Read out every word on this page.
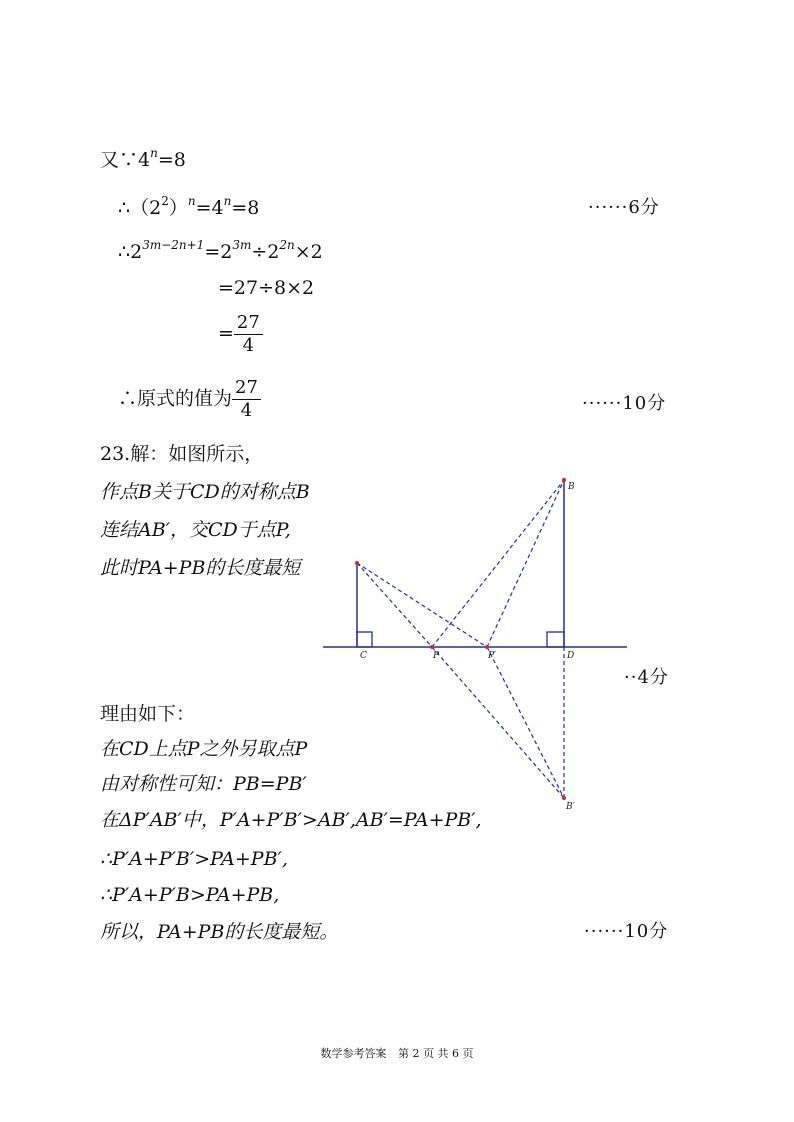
又$\because 4^n=8$
$\therefore(2^2)^n=4^n=8$	······6分
$\therefore 2^{3m-2n+1}=2^{3m}\div 2^{2n}\times 2$
=27÷8×2
= $\frac{27}{4}$
∴原式的值为 $\frac{27}{4}$	······10分
23.解：如图所示，
作点B关于CD的对称点B
连结AB′，交CD于点P,
此时PA+PB的长度最短
··4分
理由如下：
在CD上点P之外另取点P
由对称性可知：PB=PB′
在ΔP′AB′中，P′A+P′B′>AB′,AB′=PA+PB′,
∴P′A+P′B′>PA+PB′,
∴P′A+P′B>PA+PB,
所以，PA+PB的长度最短。	······10分
B
C	P	P′	D
B′
数学参考答案 第 2 页 共 6 页
